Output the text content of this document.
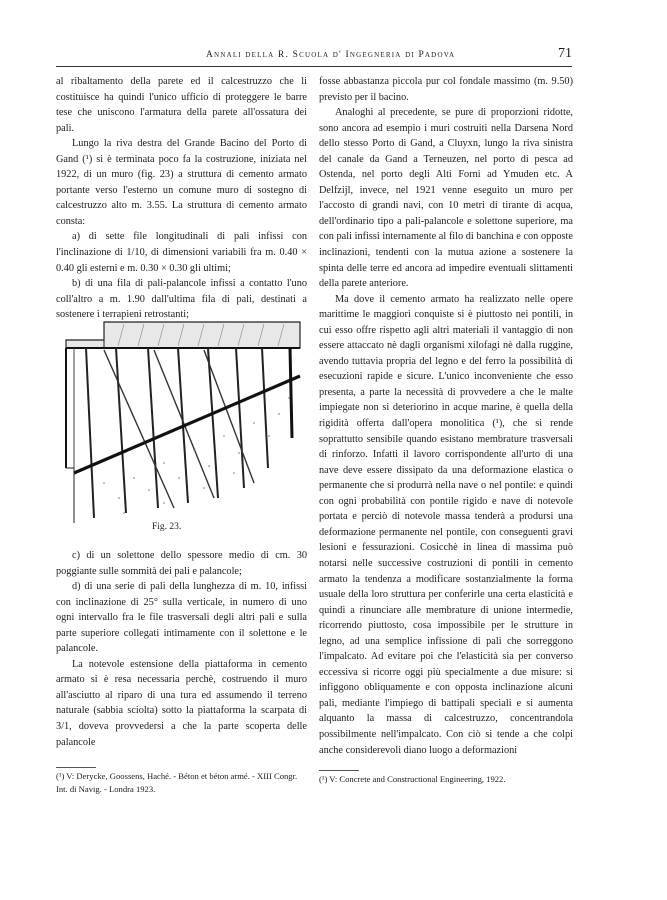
Annali della R. Scuola d' Ingegneria di Padova	71

al ribaltamento della parete ed il calcestruzzo che li costituisce ha quindi l'unico ufficio di proteggere le barre tese che uniscono l'armatura della parete all'ossatura dei pali.

Lungo la riva destra del Grande Bacino del Porto di Gand (¹) si è terminata poco fa la costruzione, iniziata nel 1922, di un muro (fig. 23) a struttura di cemento armato portante verso l'esterno un comune muro di sostegno di calcestruzzo alto m. 3.55. La struttura di cemento armato consta:

a) di sette file longitudinali di pali infissi con l'inclinazione di 1/10, di dimensioni variabili fra m. 0.40 × 0.40 gli esterni e m. 0.30 × 0.30 gli ultimi;

b) di una fila di pali-palancole infissi a contatto l'uno coll'altro a m. 1.90 dall'ultima fila di pali, destinati a sostenere i terrapieni retrostanti;

Fig. 23.

c) di un solettone dello spessore medio di cm. 30 poggiante sulle sommità dei pali e palancole;

d) di una serie di pali della lunghezza di m. 10, infissi con inclinazione di 25° sulla verticale, in numero di uno ogni intervallo fra le file trasversali degli altri pali e sulla parte superiore collegati intimamente con il solettone e le palancole.

La notevole estensione della piattaforma in cemento armato si è resa necessaria perchè, costruendo il muro all'asciutto al riparo di una tura ed assumendo il terreno naturale (sabbia sciolta) sotto la piattaforma la scarpata di 3/1, doveva provvedersi a che la parte scoperta delle palancole

(¹) V: Derycke, Goossens, Haché. - Béton et béton armé. - XIII Congr. Int. di Navig. - Londra 1923.

fosse abbastanza piccola pur col fondale massimo (m. 9.50) previsto per il bacino.

Analoghi al precedente, se pure di proporzioni ridotte, sono ancora ad esempio i muri costruiti nella Darsena Nord dello stesso Porto di Gand, a Cluyxn, lungo la riva sinistra del canale da Gand a Terneuzen, nel porto di pesca ad Ostenda, nel porto degli Alti Forni ad Ymuden etc. A Delfzijl, invece, nel 1921 venne eseguito un muro per l'accosto di grandi navi, con 10 metri di tirante di acqua, dell'ordinario tipo a pali-palancole e solettone superiore, ma con pali infissi internamente al filo di banchina e con opposte inclinazioni, tendenti con la mutua azione a sostenere la spinta delle terre ed ancora ad impedire eventuali slittamenti della parete anteriore.

Ma dove il cemento armato ha realizzato nelle opere marittime le maggiori conquiste si è piuttosto nei pontili, in cui esso offre rispetto agli altri materiali il vantaggio di non essere attaccato nè dagli organismi xilofagi nè dalla ruggine, avendo tuttavia propria del legno e del ferro la possibilità di esecuzioni rapide e sicure. L'unico inconveniente che esso presenta, a parte la necessità di provvedere a che le malte impiegate non si deteriorino in acque marine, è quella della rigidità offerta dall'opera monolitica (¹), che si rende soprattutto sensibile quando esistano membrature trasversali di rinforzo. Infatti il lavoro corrispondente all'urto di una nave deve essere dissipato da una deformazione elastica o permanente che si produrrà nella nave o nel pontile: e quindi con ogni probabilità con pontile rigido e nave di notevole portata e perciò di notevole massa tenderà a prodursi una deformazione permanente nel pontile, con conseguenti gravi lesioni e fessurazioni. Cosicchè in linea di massima può notarsi nelle successive costruzioni di pontili in cemento armato la tendenza a modificare sostanzialmente la forma usuale della loro struttura per conferirle una certa elasticità e quindi a rinunciare alle membrature di unione intermedie, ricorrendo piuttosto, cosa impossibile per le strutture in legno, ad una semplice infissione di pali che sorreggono l'impalcato. Ad evitare poi che l'elasticità sia per converso eccessiva si ricorre oggi più specialmente a due misure: si infiggono obliquamente e con opposta inclinazione alcuni pali, mediante l'impiego di battipali speciali e si aumenta alquanto la massa di calcestruzzo, concentrandola possibilmente nell'impalcato. Con ciò si tende a che colpi anche considerevoli diano luogo a deformazioni

(¹) V: Concrete and Constructional Engineering, 1922.
